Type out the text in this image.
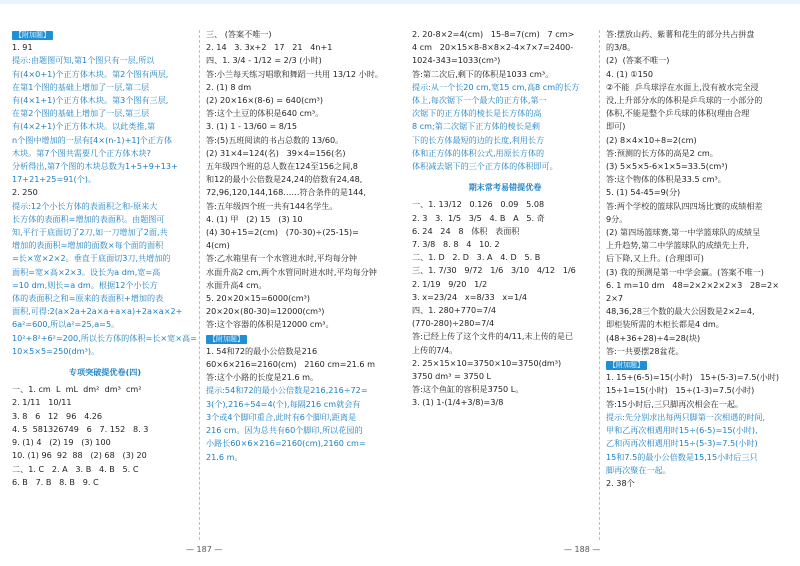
【附加题】
1. 91
提示:由题图可知,第1个图只有一层,所以
有(4×0+1)个正方体木块。第2个图有两层,
在第1个图的基础上增加了一层,第二层
有(4×1+1)个正方体木块。第3个图有三层,
在第2个图的基础上增加了一层,第三层
有(4×2+1)个正方体木块。以此类推,第
n个图中增加的一层有[4×(n-1)+1]个正方体
木块。第7个图共需要几个正方体木块?
分析得出,第7个图的木块总数为1+5+9+13+
17+21+25=91(个)。
2. 250
提示:12个小长方体的表面积之和-原来大
长方体的表面积=增加的表面积。由题图可
知,平行于底面切了2刀,如一刀增加了2面,共
增加的表面积=增加的面数×每个面的面积
=长×宽×2×2。垂直于底面切3刀,共增加的
面积=宽×高×2×3。设长为a dm,宽=高
=10 dm,则长=a dm。根据12个小长方
体的表面积之和=原来的表面积+增加的表
面积,可得:2(a×2a+2a×a+a×a)+2a×a×2+
6a²=600,所以a²=25,a=5。
10²+8²+6²=200,所以长方体的体积=长×宽×高=
10×5×5=250(dm³)。
专项突破提优卷(四)
一、1. cm  L  mL  dm²  dm³  cm²
2. 1/11   10/11
3. 8   6   12   96   4.26
4. 5  581326749   6   7. 152   8. 3
9. (1) 4   (2) 19   (3) 100
10. (1) 96  92  88   (2) 68   (3) 20
二、1. C   2. A   3. B   4. B   5. C
6. B   7. B   8. B   9. C
三、 (答案不唯一)
2. 14   3. 3x+2   17   21   4n+1
四、1. 3/4 - 1/12 = 2/3 (小时)
答:小兰每天练习唱歌和舞蹈一共用 13/12 小时。
2. (1) 8 dm
(2) 20×16×(8-6) = 640(cm³)
答:这个土豆的体积是640 cm³。
3. (1) 1 - 13/60 = 8/15
答:(5)五班阅读的书占总数的 13/60。
(2) 31×4=124(名)   39×4=156(名)
五年级四个班的总人数在124至156之间,8
和12的最小公倍数是24,24的倍数有24,48,
72,96,120,144,168……符合条件的是144,
答:五年级四个班一共有144名学生。
4. (1) 甲   (2) 15   (3) 10
(4) 30+15=2(cm)   (70-30)÷(25-15)=
4(cm)
答:乙水箱里有一个水管进水时,平均每分钟
水面升高2 cm,两个水管同时进水时,平均每分钟
水面升高4 cm。
5. 20×20×15=6000(cm³)
20×20×(80-30)=12000(cm³)
答:这个容器的体积是12000 cm³。
【附加题】
1. 54和72的最小公倍数是216
60×6×216=2160(cm)   2160 cm=21.6 m
答:这个小路的长度是21.6 m。
提示:54和72的最小公倍数是216,216÷72=
3(个),216÷54=4(个),每隔216 cm就会有
3个或4个脚印重合,此时有6个脚印,距离是
216 cm。因为总共有60个脚印,所以花园的
小路长60×6×216=2160(cm),2160 cm=
21.6 m。
— 187 —
2. 20-8×2=4(cm)   15-8=7(cm)   7 cm>
4 cm   20×15×8-8×8×2-4×7×7=2400-
1024-343=1033(cm³)
答:第二次后,剩下的体积是1033 cm³。
提示:从一个长20 cm,宽15 cm,高8 cm的长方
体上,每次锯下一个最大的正方体,第一
次锯下的正方体的棱长是长方体的高
8 cm;第二次锯下正方体的棱长是剩
下的长方体最短的边的长度,利用长方
体和正方体的体积公式,用原长方体的
体积减去锯下的三个正方体的体积即可。
期末常考易错提优卷
一、1. 13/12   0.126   0.09   5.08
2. 3   3.  1/5   3/5   4. B   A   5. 奇
6. 24   24   8   体积   表面积
7. 3/8   8. 8   4   10. 2
二、1. D   2. D   3. A   4. D   5. B
三、1. 7/30   9/72   1/6   3/10   4/12   1/6
2. 1/19   9/20   1/2
3. x=23/24   x=8/33   x=1/4
四、1. 280+770=7/4
(770-280)÷280=7/4
答:已经上传了这个文件的4/11,未上传的是已
上传的7/4。
2. 25×15×10=3750×10=3750(dm³)
3750 dm³ = 3750 L
答:这个鱼缸的容积是3750 L。
3. (1) 1-(1/4+3/8)=3/8
答:摆放山药、紫薯和花生的部分共占拼盘
的3/8。
(2)  (答案不唯一)
4. (1) ①150
②不能  乒乓球浮在水面上,没有被水完全浸
没,上升部分水的体积是乒乓球的一小部分的
体积,不能是整个乒乓球的体积(理由合理
即可)
(2) 8×4×10÷8=2(cm)
答:预测的长方体的高是2 cm。
(3) 5×5×5-6×1×5=33.5(cm³)
答:这个物体的体积是33.5 cm³。
5. (1) 54-45=9(分)
答:两个学校的篮球队四四场比赛的成绩相差
9分。
(2) 第四场篮球赛,第一中学篮球队的成绩呈
上升趋势,第二中学篮球队的成绩先上升,
后下降,又上升。(合理即可)
(3) 我的预测是第一中学会赢。(答案不唯一)
6. 1 m=10 dm   48=2×2×2×2×3   28=2×
2×7
48,36,28三个数的最大公因数是2×2=4,
即柜装所需的木柜长都是4 dm。
(48+36+28)÷4=28(块)
答:一共要摆28盆花。
【附加题】
1. 15+(6-5)=15(小时)   15+(5-3)=7.5(小时)
15÷1=15(小时)   15÷(1-3)=7.5(小时)
答:15小时后,三只脚再次相会在一起。
提示:先分别求出每两只脚第一次相遇的时间,
甲和乙再次相遇用时15÷(6-5)=15(小时),
乙和丙再次相遇用时15÷(5-3)=7.5(小时)
15和7.5的最小公倍数是15,15小时后三只
脚再次聚在一起。
2. 38个
— 188 —
